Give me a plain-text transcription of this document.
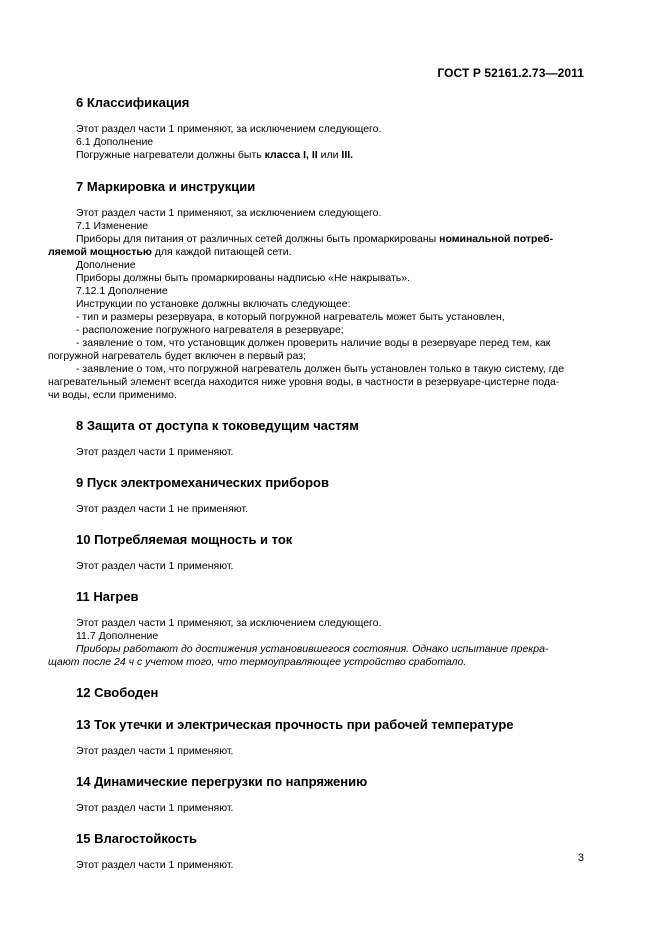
ГОСТ Р 52161.2.73—2011
6 Классификация

Этот раздел части 1 применяют, за исключением следующего.

6.1 Дополнение

Погружные нагреватели должны быть класса I, II или III.

7 Маркировка и инструкции

Этот раздел части 1 применяют, за исключением следующего.

7.1 Изменение

Приборы для питания от различных сетей должны быть промаркированы номинальной потреб-

ляемой мощностью для каждой питающей сети.

Дополнение

Приборы должны быть промаркированы надписью «Не накрывать».

7.12.1 Дополнение

Инструкции по установке должны включать следующее:

- тип и размеры резервуара, в который погружной нагреватель может быть установлен,

- расположение погружного нагревателя в резервуаре;

- заявление о том, что установщик должен проверить наличие воды в резервуаре перед тем, как

погружной нагреватель будет включен в первый раз;

- заявление о том, что погружной нагреватель должен быть установлен только в такую систему, где

нагревательный элемент всегда находится ниже уровня воды, в частности в резервуаре-цистерне пода-

чи воды, если применимо.

8 Защита от доступа к токоведущим частям

Этот раздел части 1 применяют.

9 Пуск электромеханических приборов

Этот раздел части 1 не применяют.

10 Потребляемая мощность и ток

Этот раздел части 1 применяют.

11 Нагрев

Этот раздел части 1 применяют, за исключением следующего.

11.7 Дополнение

Приборы работают до достижения установившегося состояния. Однако испытание прекра-

щают после 24 ч с учетом того, что термоуправляющее устройство сработало.

12 Свободен
13 Ток утечки и электрическая прочность при рабочей температуре

Этот раздел части 1 применяют.

14 Динамические перегрузки по напряжению

Этот раздел части 1 применяют.

15 Влагостойкость

Этот раздел части 1 применяют.

3
